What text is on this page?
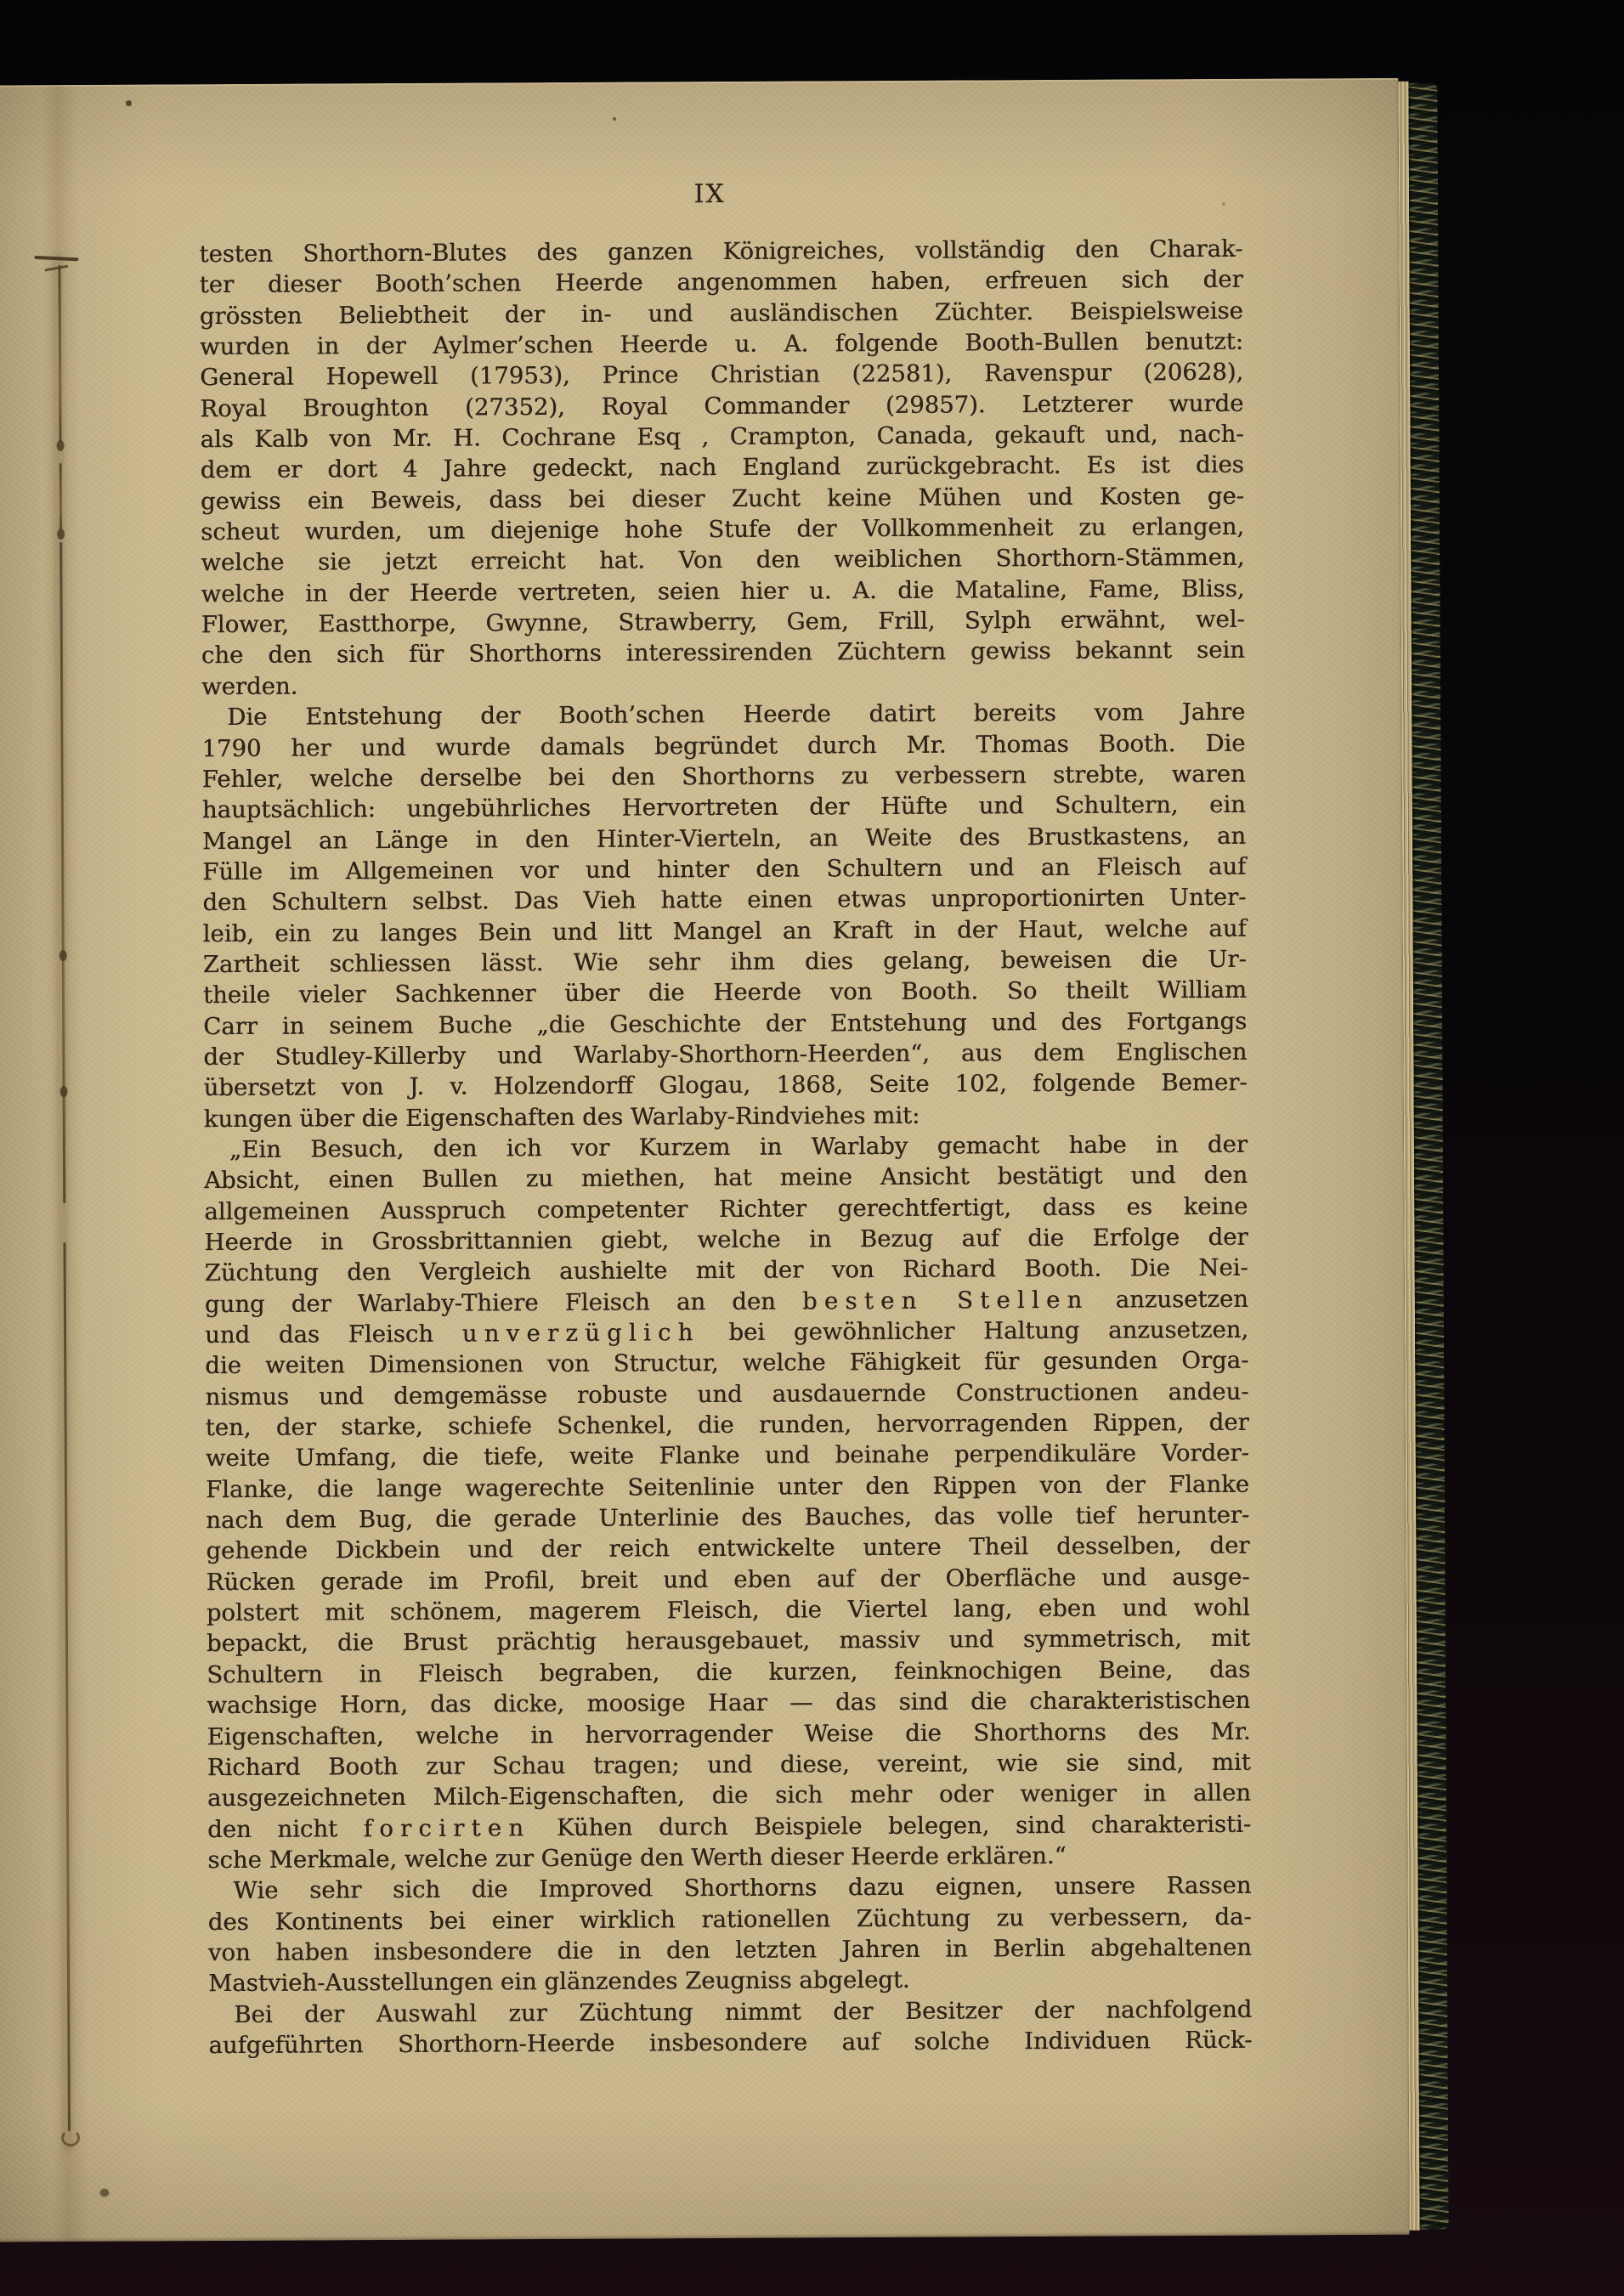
IX
testen Shorthorn-Blutes des ganzen Königreiches, vollständig den Charak-
ter dieser Booth’schen Heerde angenommen haben, erfreuen sich der
grössten Beliebtheit der in- und ausländischen Züchter. Beispielsweise
wurden in der Aylmer’schen Heerde u. A. folgende Booth-Bullen benutzt:
General Hopewell (17953), Prince Christian (22581), Ravenspur (20628),
Royal Broughton (27352), Royal Commander (29857). Letzterer wurde
als Kalb von Mr. H. Cochrane Esq , Crampton, Canada, gekauft und, nach-
dem er dort 4 Jahre gedeckt, nach England zurückgebracht. Es ist dies
gewiss ein Beweis, dass bei dieser Zucht keine Mühen und Kosten ge-
scheut wurden, um diejenige hohe Stufe der Vollkommenheit zu erlangen,
welche sie jetzt erreicht hat. Von den weiblichen Shorthorn-Stämmen,
welche in der Heerde vertreten, seien hier u. A. die Mataline, Fame, Bliss,
Flower, Eastthorpe, Gwynne, Strawberry, Gem, Frill, Sylph erwähnt, wel-
che den sich für Shorthorns interessirenden Züchtern gewiss bekannt sein
werden.
Die Entstehung der Booth’schen Heerde datirt bereits vom Jahre
1790 her und wurde damals begründet durch Mr. Thomas Booth. Die
Fehler, welche derselbe bei den Shorthorns zu verbessern strebte, waren
hauptsächlich: ungebührliches Hervortreten der Hüfte und Schultern, ein
Mangel an Länge in den Hinter-Vierteln, an Weite des Brustkastens, an
Fülle im Allgemeinen vor und hinter den Schultern und an Fleisch auf
den Schultern selbst. Das Vieh hatte einen etwas unproportionirten Unter-
leib, ein zu langes Bein und litt Mangel an Kraft in der Haut, welche auf
Zartheit schliessen lässt. Wie sehr ihm dies gelang, beweisen die Ur-
theile vieler Sachkenner über die Heerde von Booth. So theilt William
Carr in seinem Buche „die Geschichte der Entstehung und des Fortgangs
der Studley-Killerby und Warlaby-Shorthorn-Heerden“, aus dem Englischen
übersetzt von J. v. Holzendorff Glogau, 1868, Seite 102, folgende Bemer-
kungen über die Eigenschaften des Warlaby-Rindviehes mit:
„Ein Besuch, den ich vor Kurzem in Warlaby gemacht habe in der
Absicht, einen Bullen zu miethen, hat meine Ansicht bestätigt und den
allgemeinen Ausspruch competenter Richter gerechtfertigt, dass es keine
Heerde in Grossbrittannien giebt, welche in Bezug auf die Erfolge der
Züchtung den Vergleich aushielte mit der von Richard Booth. Die Nei-
gung der Warlaby-Thiere Fleisch an den besten Stellen anzusetzen
und das Fleisch unverzüglich bei gewöhnlicher Haltung anzusetzen,
die weiten Dimensionen von Structur, welche Fähigkeit für gesunden Orga-
nismus und demgemässe robuste und ausdauernde Constructionen andeu-
ten, der starke, schiefe Schenkel, die runden, hervorragenden Rippen, der
weite Umfang, die tiefe, weite Flanke und beinahe perpendikuläre Vorder-
Flanke, die lange wagerechte Seitenlinie unter den Rippen von der Flanke
nach dem Bug, die gerade Unterlinie des Bauches, das volle tief herunter-
gehende Dickbein und der reich entwickelte untere Theil desselben, der
Rücken gerade im Profil, breit und eben auf der Oberfläche und ausge-
polstert mit schönem, magerem Fleisch, die Viertel lang, eben und wohl
bepackt, die Brust prächtig herausgebauet, massiv und symmetrisch, mit
Schultern in Fleisch begraben, die kurzen, feinknochigen Beine, das
wachsige Horn, das dicke, moosige Haar — das sind die charakteristischen
Eigenschaften, welche in hervorragender Weise die Shorthorns des Mr.
Richard Booth zur Schau tragen; und diese, vereint, wie sie sind, mit
ausgezeichneten Milch-Eigenschaften, die sich mehr oder weniger in allen
den nicht forcirten Kühen durch Beispiele belegen, sind charakteristi-
sche Merkmale, welche zur Genüge den Werth dieser Heerde erklären.“
Wie sehr sich die Improved Shorthorns dazu eignen, unsere Rassen
des Kontinents bei einer wirklich rationellen Züchtung zu verbessern, da-
von haben insbesondere die in den letzten Jahren in Berlin abgehaltenen
Mastvieh-Ausstellungen ein glänzendes Zeugniss abgelegt.
Bei der Auswahl zur Züchtung nimmt der Besitzer der nachfolgend
aufgeführten Shorthorn-Heerde insbesondere auf solche Individuen Rück-
